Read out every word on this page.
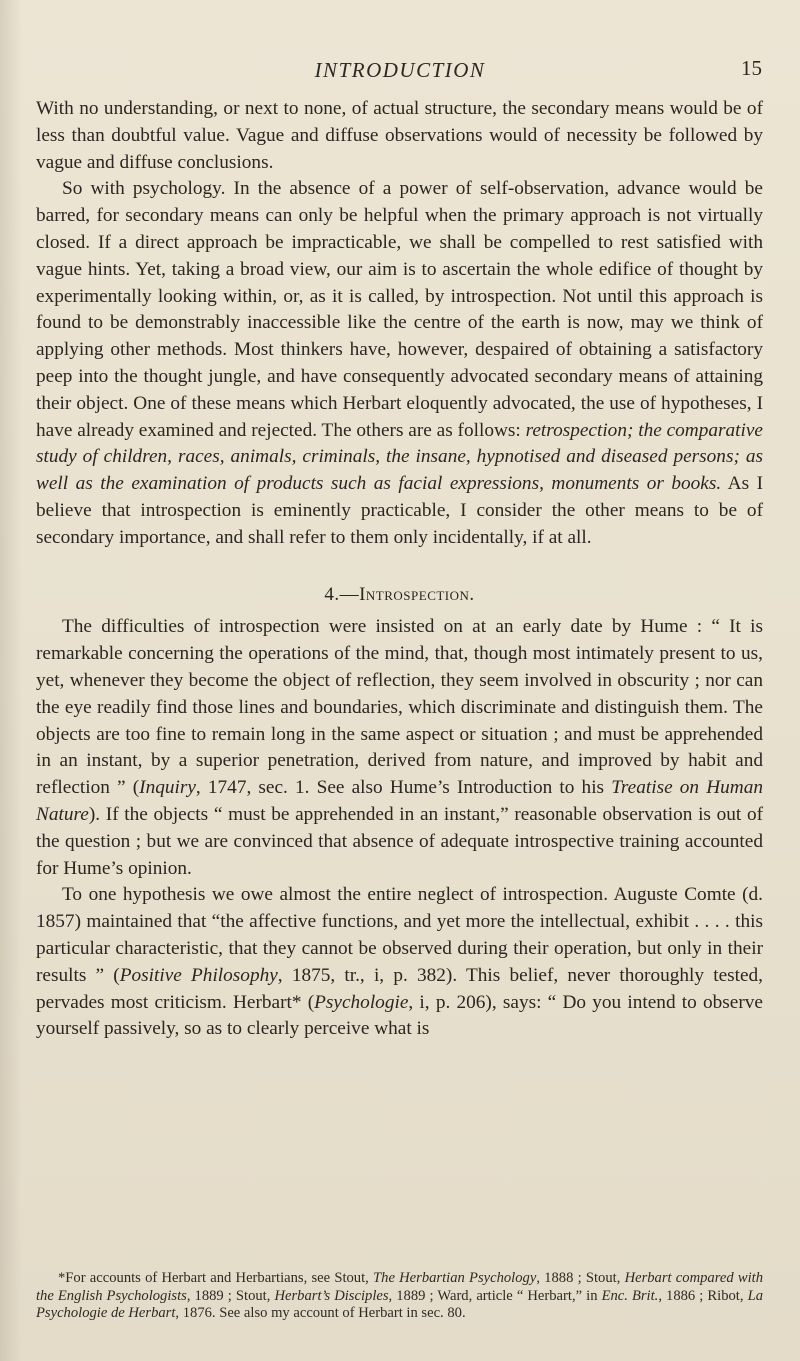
INTRODUCTION	15

With no understanding, or next to none, of actual structure, the secondary means would be of less than doubtful value. Vague and diffuse observations would of necessity be followed by vague and diffuse conclusions.

So with psychology. In the absence of a power of self-observation, advance would be barred, for secondary means can only be helpful when the primary approach is not virtually closed. If a direct approach be impracticable, we shall be compelled to rest satisfied with vague hints. Yet, taking a broad view, our aim is to ascertain the whole edifice of thought by experimentally looking within, or, as it is called, by introspection. Not until this approach is found to be demonstrably inaccessible like the centre of the earth is now, may we think of applying other methods. Most thinkers have, however, despaired of obtaining a satisfactory peep into the thought jungle, and have consequently advocated secondary means of attaining their object. One of these means which Herbart eloquently advocated, the use of hypotheses, I have already examined and rejected. The others are as follows: retrospection; the comparative study of children, races, animals, criminals, the insane, hypnotised and diseased persons; as well as the examination of products such as facial expressions, monuments or books. As I believe that introspection is eminently practicable, I consider the other means to be of secondary importance, and shall refer to them only incidentally, if at all.

4.—Introspection.

The difficulties of introspection were insisted on at an early date by Hume : “ It is remarkable concerning the operations of the mind, that, though most intimately present to us, yet, whenever they become the object of reflection, they seem involved in obscurity ; nor can the eye readily find those lines and boundaries, which discriminate and distinguish them. The objects are too fine to remain long in the same aspect or situation ; and must be apprehended in an instant, by a superior penetration, derived from nature, and improved by habit and reflection ” (Inquiry, 1747, sec. 1. See also Hume’s Introduction to his Treatise on Human Nature). If the objects “ must be apprehended in an instant,” reasonable observation is out of the question ; but we are convinced that absence of adequate introspective training accounted for Hume’s opinion.

To one hypothesis we owe almost the entire neglect of introspection. Auguste Comte (d. 1857) maintained that “the affective functions, and yet more the intellectual, exhibit . . . . this particular characteristic, that they cannot be observed during their operation, but only in their results ” (Positive Philosophy, 1875, tr., i, p. 382). This belief, never thoroughly tested, pervades most criticism. Herbart* (Psychologie, i, p. 206), says: “ Do you intend to observe yourself passively, so as to clearly perceive what is

*For accounts of Herbart and Herbartians, see Stout, The Herbartian Psychology, 1888 ; Stout, Herbart compared with the English Psychologists, 1889 ; Stout, Herbart’s Disciples, 1889 ; Ward, article “ Herbart,” in Enc. Brit., 1886 ; Ribot, La Psychologie de Herbart, 1876. See also my account of Herbart in sec. 80.
